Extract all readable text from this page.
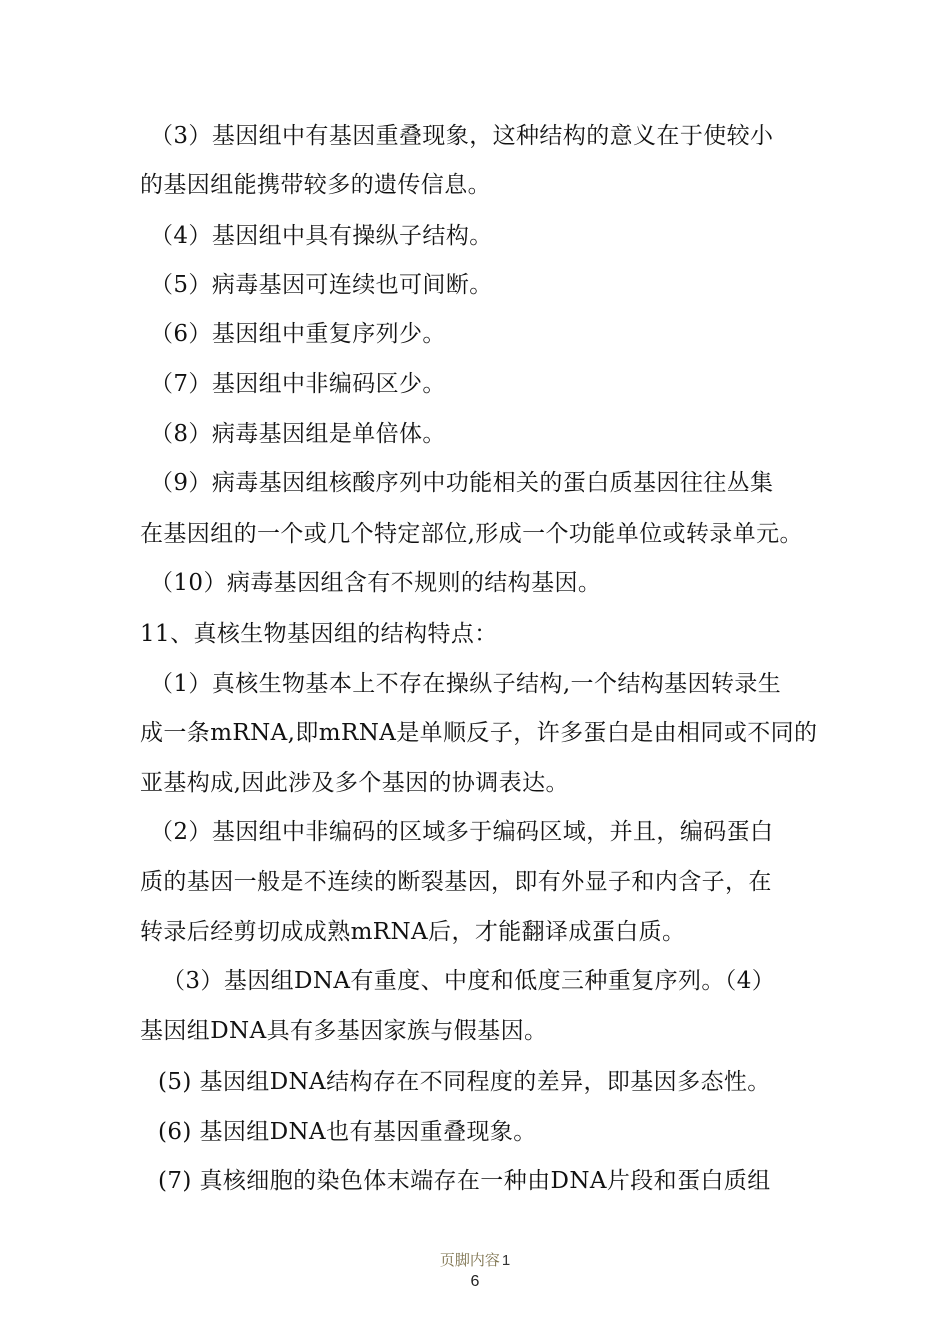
（3）基因组中有基因重叠现象，这种结构的意义在于使较小
的基因组能携带较多的遗传信息。
（4）基因组中具有操纵子结构。
（5）病毒基因可连续也可间断。
（6）基因组中重复序列少。
（7）基因组中非编码区少。
（8）病毒基因组是单倍体。
（9）病毒基因组核酸序列中功能相关的蛋白质基因往往丛集
在基因组的一个或几个特定部位,形成一个功能单位或转录单元。
（10）病毒基因组含有不规则的结构基因。
11、真核生物基因组的结构特点：
（1）真核生物基本上不存在操纵子结构,一个结构基因转录生
成一条mRNA,即mRNA是单顺反子，许多蛋白是由相同或不同的
亚基构成,因此涉及多个基因的协调表达。
（2）基因组中非编码的区域多于编码区域，并且，编码蛋白
质的基因一般是不连续的断裂基因，即有外显子和内含子，在
转录后经剪切成成熟mRNA后，才能翻译成蛋白质。
（3）基因组DNA有重度、中度和低度三种重复序列。（4）
基因组DNA具有多基因家族与假基因。
(5) 基因组DNA结构存在不同程度的差异，即基因多态性。
(6) 基因组DNA也有基因重叠现象。
(7) 真核细胞的染色体末端存在一种由DNA片段和蛋白质组
页脚内容 1
6
